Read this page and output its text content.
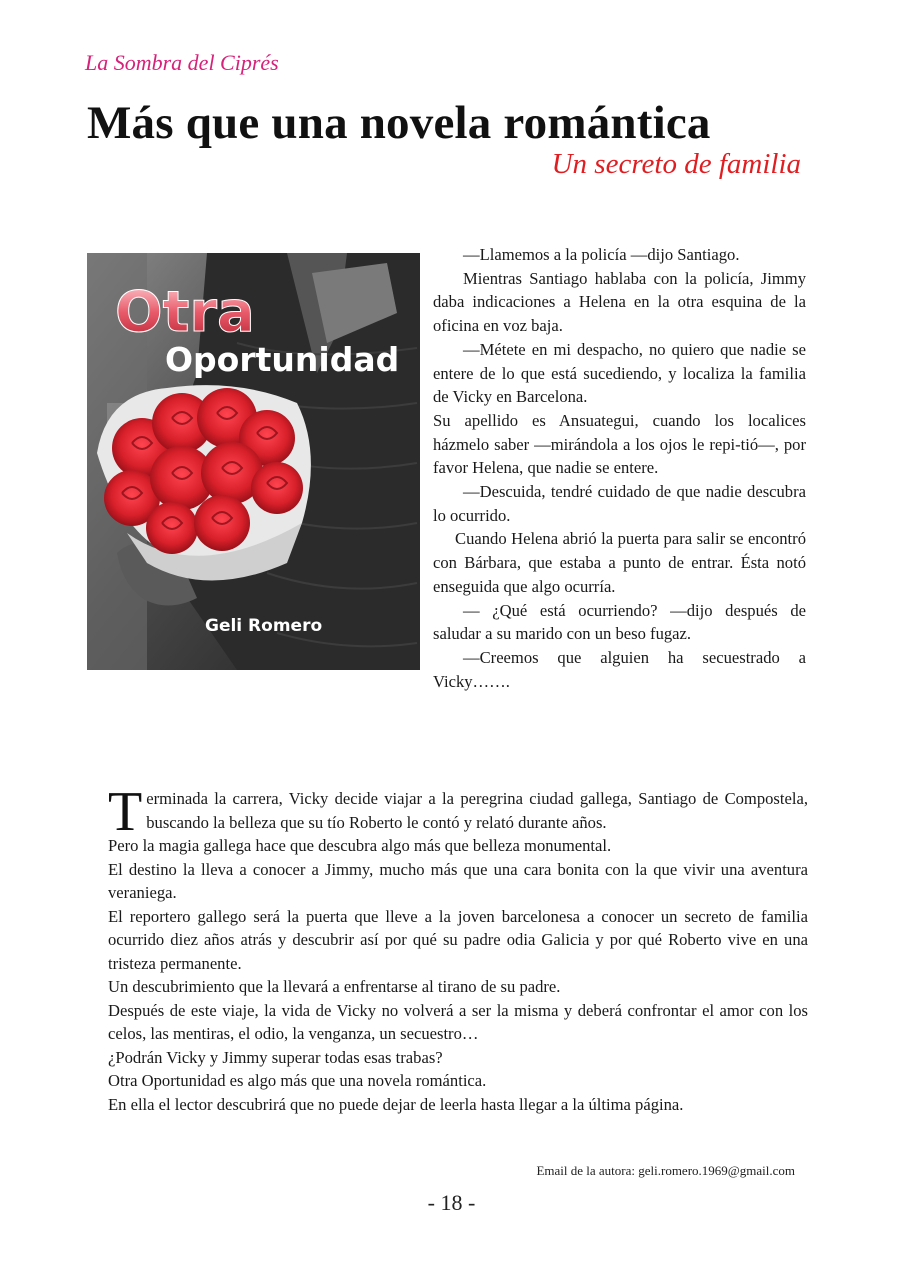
La Sombra del Ciprés
Más que una novela romántica
Un secreto de familia
Otra
Oportunidad
Geli Romero

—Llamemos a la policía —dijo Santiago.

Mientras Santiago hablaba con la policía, Jimmy daba indicaciones a Helena en la otra esquina de la oficina en voz baja.

—Métete en mi despacho, no quiero que nadie se entere de lo que está sucediendo, y localiza la familia de Vicky en Barcelona.

Su apellido es Ansuategui, cuando los localices házmelo saber —mirándola a los ojos le repi-tió—, por favor Helena, que nadie se entere.

—Descuida, tendré cuidado de que nadie descubra lo ocurrido.

Cuando Helena abrió la puerta para salir se encontró con Bárbara, que estaba a punto de entrar. Ésta notó enseguida que algo ocurría.

— ¿Qué está ocurriendo? —dijo después de saludar a su marido con un beso fugaz.

—Creemos que alguien ha secuestrado a Vicky…….

Terminada la carrera, Vicky decide viajar a la peregrina ciudad gallega, Santiago de Compostela, buscando la belleza que su tío Roberto le contó y relató durante años.

Pero la magia gallega hace que descubra algo más que belleza monumental.

El destino la lleva a conocer a Jimmy, mucho más que una cara bonita con la que vivir una aventura veraniega.

El reportero gallego será la puerta que lleve a la joven barcelonesa a conocer un secreto de familia ocurrido diez años atrás y descubrir así por qué su padre odia Galicia y por qué Roberto vive en una tristeza permanente.

Un descubrimiento que la llevará a enfrentarse al tirano de su padre.

Después de este viaje, la vida de Vicky no volverá a ser la misma y deberá confrontar el amor con los celos, las mentiras, el odio, la venganza, un secuestro…

¿Podrán Vicky y Jimmy superar todas esas trabas?

Otra Oportunidad es algo más que una novela romántica.

En ella el lector descubrirá que no puede dejar de leerla hasta llegar a la última página.

Email de la autora: geli.romero.1969@gmail.com
- 18 -
